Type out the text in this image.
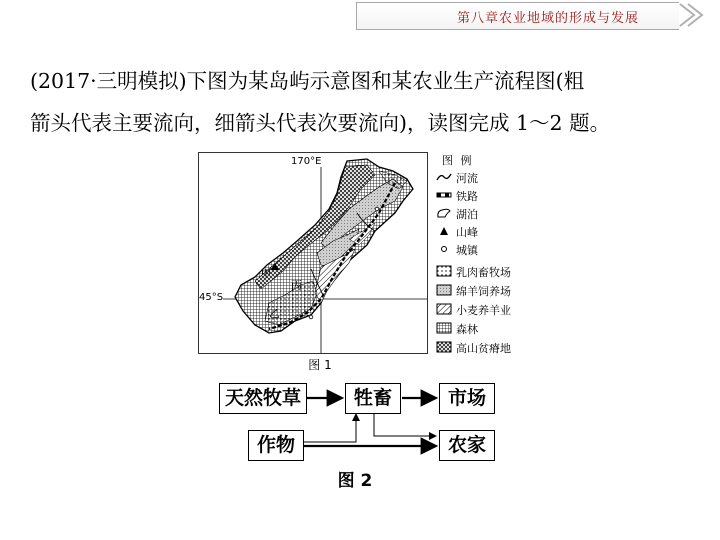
第八章农业地域的形成与发展
(2017·三明模拟)下图为某岛屿示意图和某农业生产流程图(粗
箭头代表主要流向，细箭头代表次要流向)，读图完成 1～2 题。
170°E
45°S
丙
乙
甲
图 例
河流
铁路
湖泊
山峰
城镇
乳肉畜牧场
绵羊饲养场
小麦养羊业
森林
高山贫瘠地
图 1
天然牧草	牲畜	市场
作物	农家
图 2
